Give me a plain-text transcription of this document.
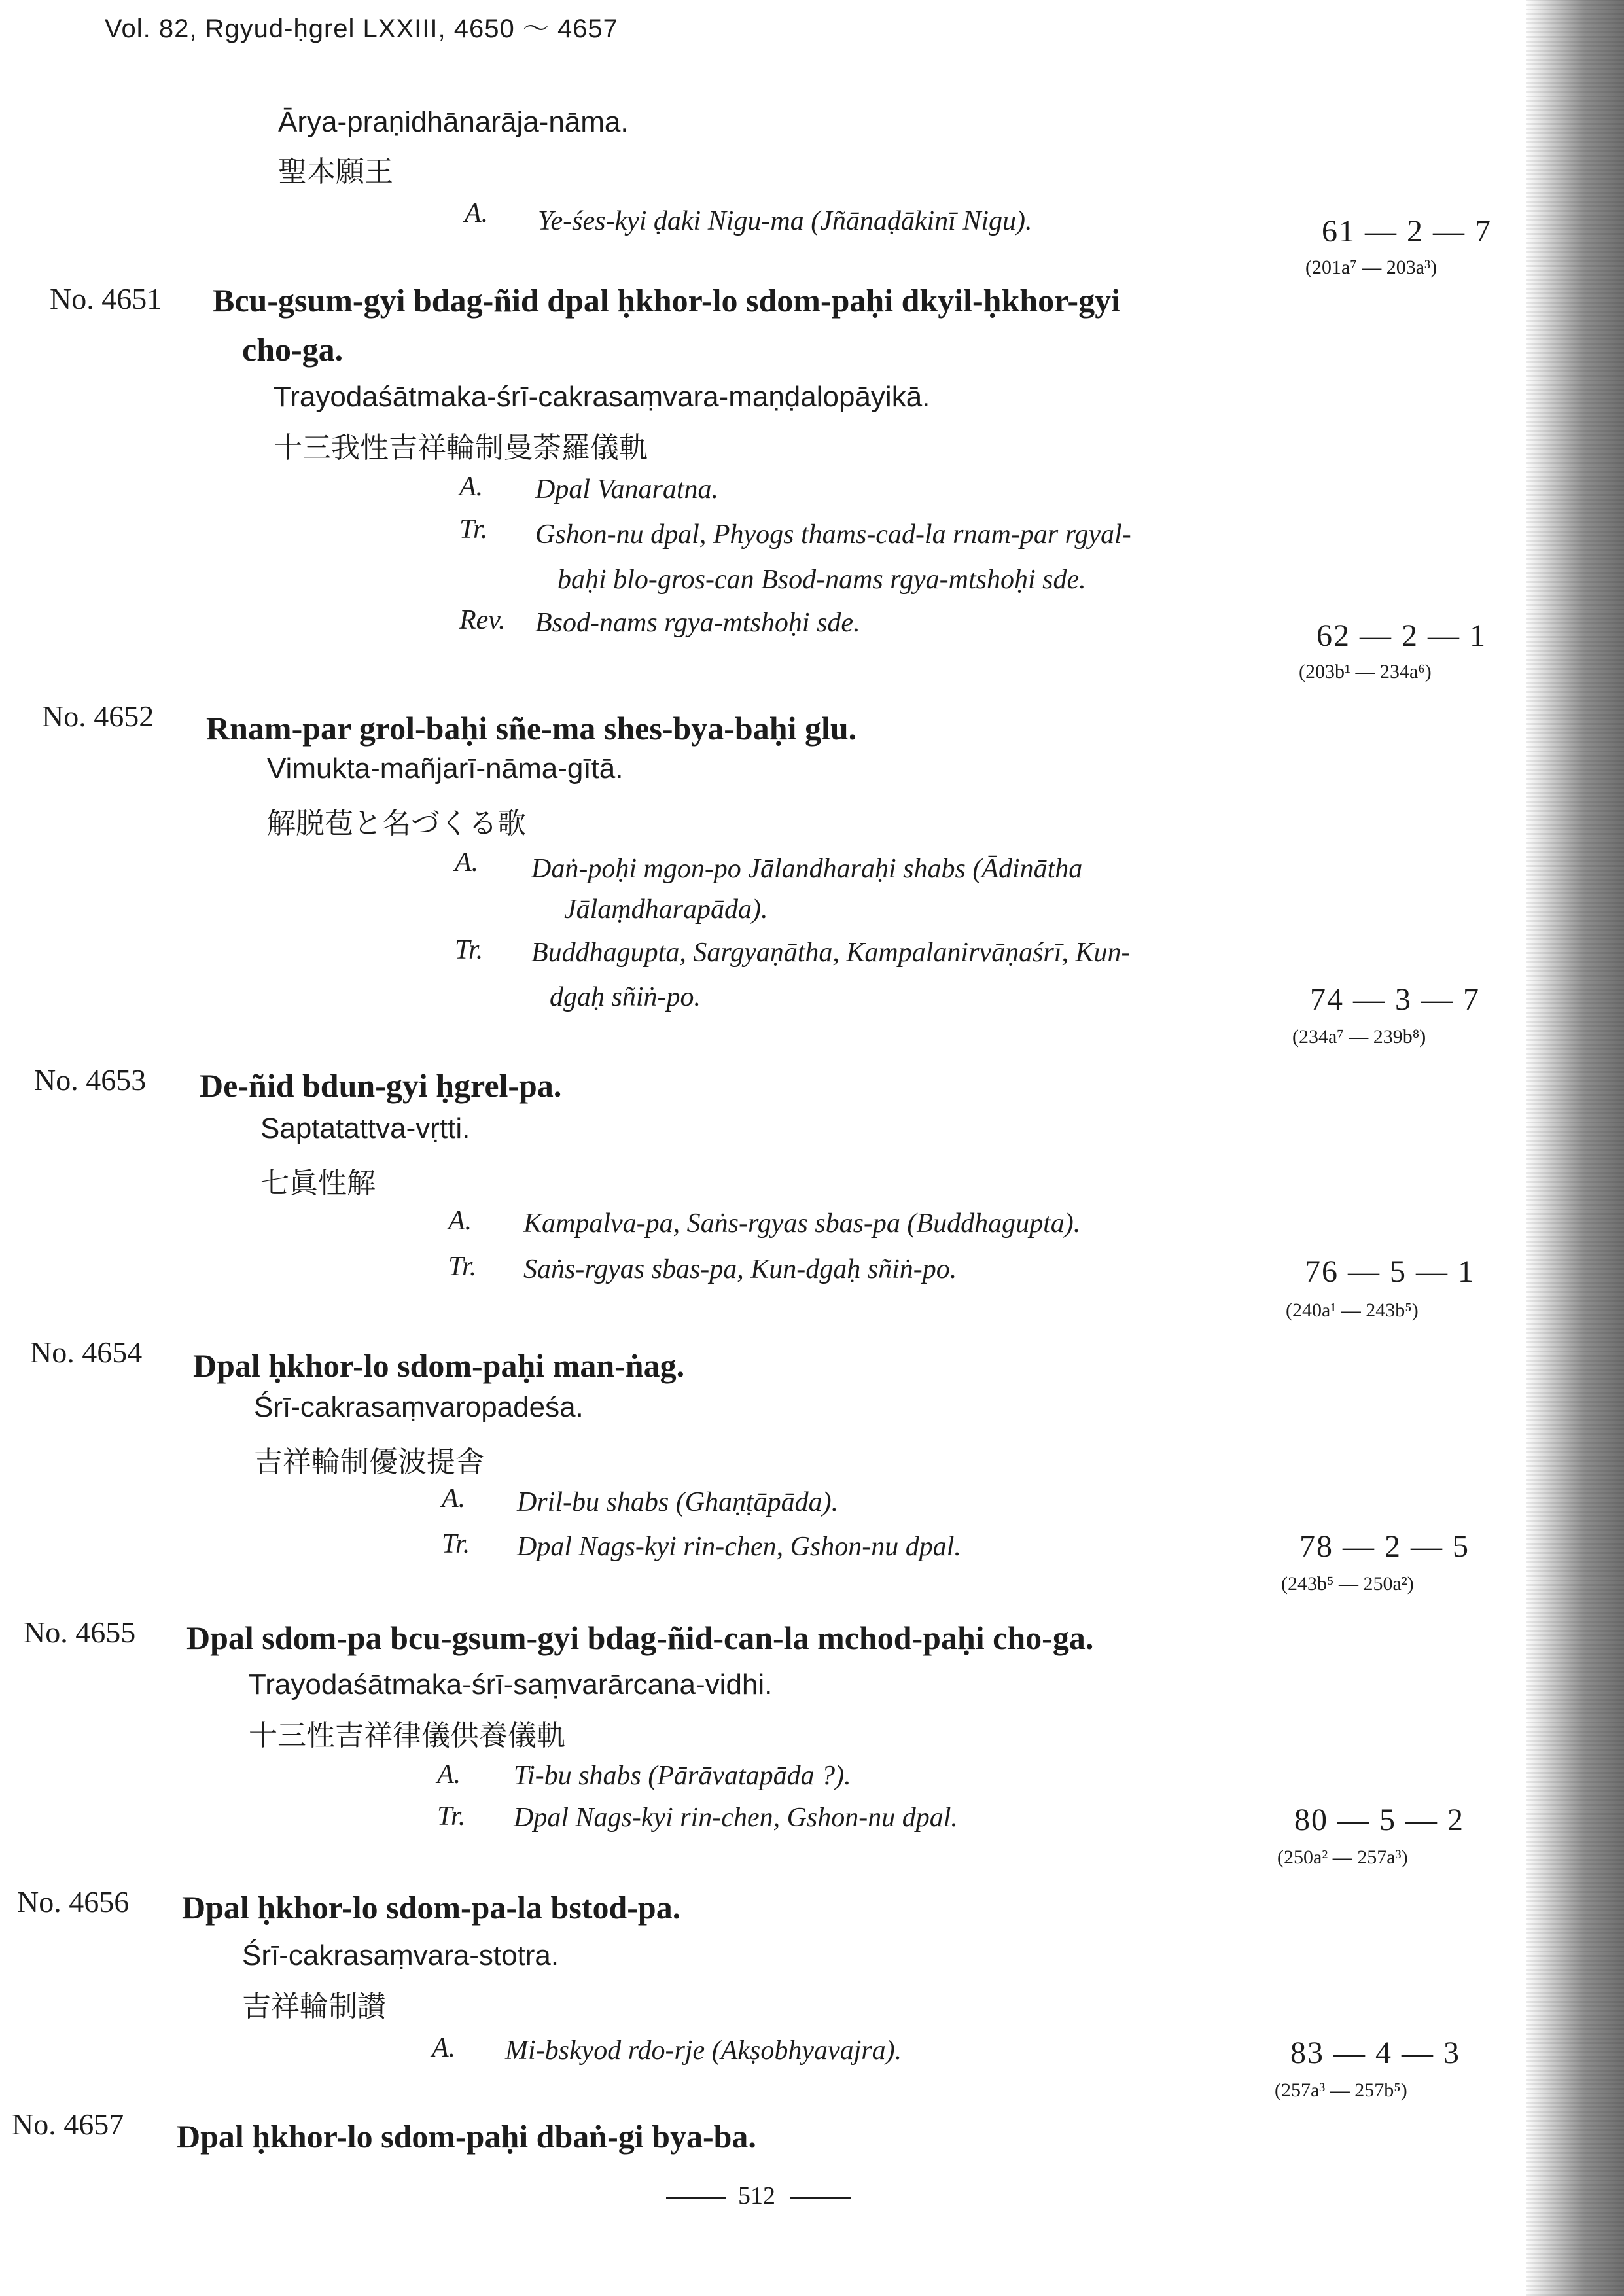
Vol. 82, Rgyud-ḥgrel LXXIII, 4650 ～ 4657
Ārya-praṇidhānarāja-nāma.
聖本願王
A. Ye-śes-kyi ḍaki Nigu-ma (Jñānaḍākinī Nigu).	61 ― 2 ― 7
(201a⁷ ― 203a³)
No. 4651 Bcu-gsum-gyi bdag-ñid dpal ḥkhor-lo sdom-paḥi dkyil-ḥkhor-gyi
cho-ga.
Trayodaśātmaka-śrī-cakrasaṃvara-maṇḍalopāyikā.
十三我性吉祥輪制曼荼羅儀軌
A. Dpal Vanaratna.
Tr. Gshon-nu dpal, Phyogs thams-cad-la rnam-par rgyal-
baḥi blo-gros-can Bsod-nams rgya-mtshoḥi sde.
Rev. Bsod-nams rgya-mtshoḥi sde.	62 ― 2 ― 1
(203b¹ ― 234a⁶)
No. 4652 Rnam-par grol-baḥi sñe-ma shes-bya-baḥi glu.
Vimukta-mañjarī-nāma-gītā.
解脱苞と名づくる歌
A. Daṅ-poḥi mgon-po Jālandharaḥi shabs (Ādinātha
Jālaṃdharapāda).
Tr. Buddhagupta, Sargyaṇātha, Kampalanirvāṇaśrī, Kun-
dgaḥ sñiṅ-po.	74 ― 3 ― 7
(234a⁷ ― 239b⁸)
No. 4653 De-ñid bdun-gyi ḥgrel-pa.
Saptatattva-vṛtti.
七眞性解
A. Kampalva-pa, Saṅs-rgyas sbas-pa (Buddhagupta).
Tr. Saṅs-rgyas sbas-pa, Kun-dgaḥ sñiṅ-po.	76 ― 5 ― 1
(240a¹ ― 243b⁵)
No. 4654 Dpal ḥkhor-lo sdom-paḥi man-ṅag.
Śrī-cakrasaṃvaropadeśa.
吉祥輪制優波提舎
A. Dril-bu shabs (Ghaṇṭāpāda).
Tr. Dpal Nags-kyi rin-chen, Gshon-nu dpal.	78 ― 2 ― 5
(243b⁵ ― 250a²)
No. 4655 Dpal sdom-pa bcu-gsum-gyi bdag-ñid-can-la mchod-paḥi cho-ga.
Trayodaśātmaka-śrī-saṃvarārcana-vidhi.
十三性吉祥律儀供養儀軌
A. Ti-bu shabs (Pārāvatapāda ?).
Tr. Dpal Nags-kyi rin-chen, Gshon-nu dpal.	80 ― 5 ― 2
(250a² ― 257a³)
No. 4656 Dpal ḥkhor-lo sdom-pa-la bstod-pa.
Śrī-cakrasaṃvara-stotra.
吉祥輪制讃
A. Mi-bskyod rdo-rje (Akṣobhyavajra).	83 ― 4 ― 3
(257a³ ― 257b⁵)
No. 4657 Dpal ḥkhor-lo sdom-paḥi dbaṅ-gi bya-ba.
512
